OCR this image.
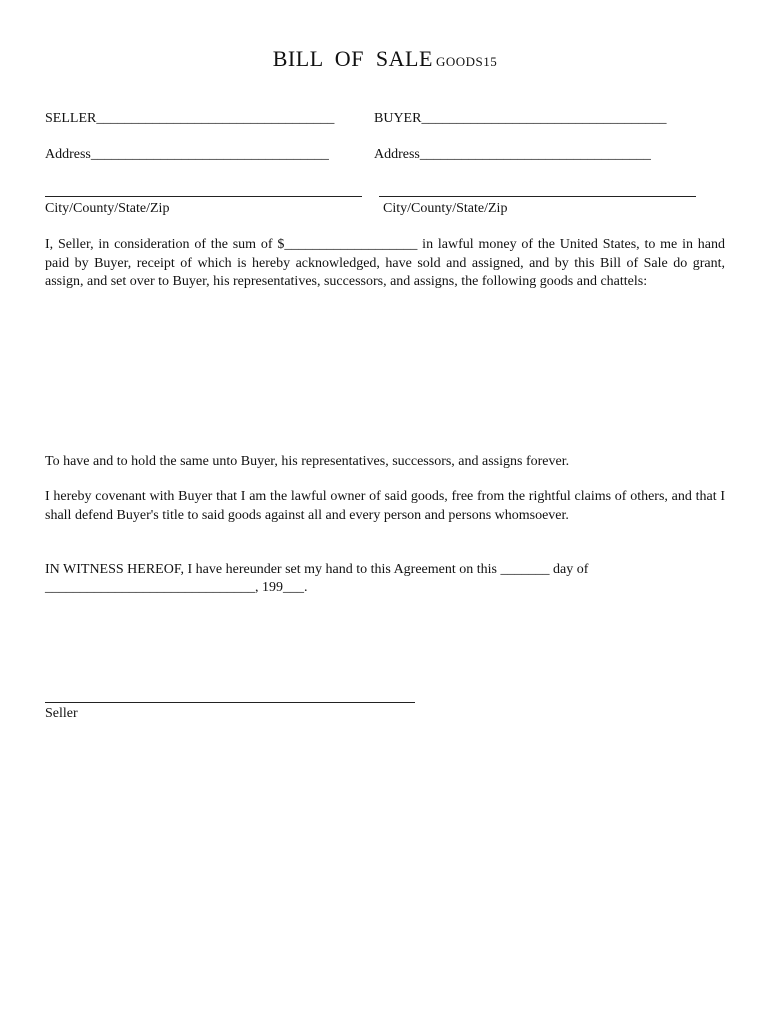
BILL OF SALE GOODS15
SELLER__________________________________	BUYER___________________________________
Address__________________________________	Address_________________________________
City/County/State/Zip	City/County/State/Zip
I, Seller, in consideration of the sum of $___________________ in lawful money of the United States, to me in hand paid by Buyer, receipt of which is hereby acknowledged, have sold and assigned, and by this Bill of Sale do grant, assign, and set over to Buyer, his representatives, successors, and assigns, the following goods and chattels:
To have and to hold the same unto Buyer, his representatives, successors, and assigns forever.
I hereby covenant with Buyer that I am the lawful owner of said goods, free from the rightful claims of others, and that I shall defend Buyer's title to said goods against all and every person and persons whomsoever.
IN WITNESS HEREOF, I have hereunder set my hand to this Agreement on this _______ day of
______________________________, 199___.
Seller
